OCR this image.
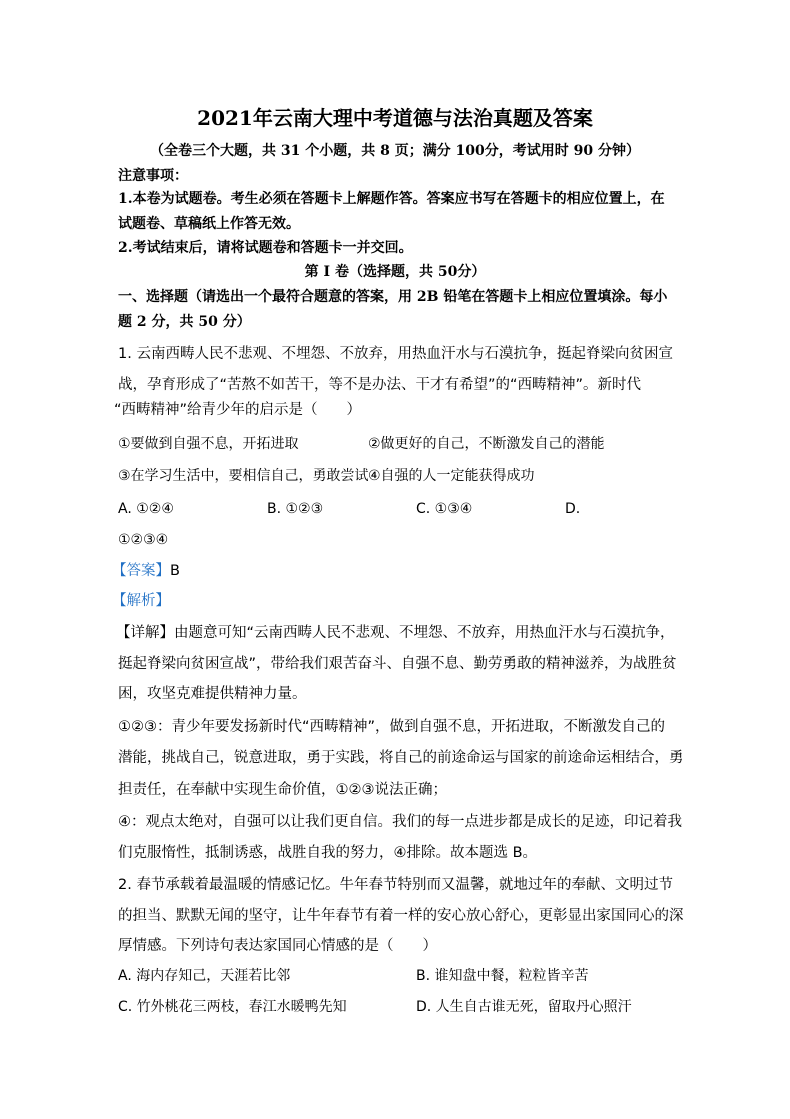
2021年云南大理中考道德与法治真题及答案
（全卷三个大题，共 31 个小题，共 8 页；满分 100分，考试用时 90 分钟）
注意事项：
1.本卷为试题卷。考生必须在答题卡上解题作答。答案应书写在答题卡的相应位置上，在
试题卷、草稿纸上作答无效。
2.考试结束后，请将试题卷和答题卡一并交回。
第 I 卷（选择题，共 50分）
一、选择题（请选出一个最符合题意的答案，用 2B 铅笔在答题卡上相应位置填涂。每小
题 2 分，共 50 分）
1. 云南西畴人民不悲观、不埋怨、不放弃，用热血汗水与石漠抗争，挺起脊梁向贫困宣
战，孕育形成了“苦熬不如苦干，等不是办法、干才有希望”的“西畴精神”。新时代
“西畴精神”给青少年的启示是（　　）
①要做到自强不息，开拓进取	②做更好的自己，不断激发自己的潜能
③在学习生活中，要相信自己，勇敢尝试 ④自强的人一定能获得成功
A. ①②④	B. ①②③	C. ①③④	D.
①②③④
【答案】B
【解析】
【详解】由题意可知“云南西畴人民不悲观、不埋怨、不放弃，用热血汗水与石漠抗争，
挺起脊梁向贫困宣战”，带给我们艰苦奋斗、自强不息、勤劳勇敢的精神滋养，为战胜贫
困，攻坚克难提供精神力量。
①②③：青少年要发扬新时代“西畴精神”，做到自强不息，开拓进取，不断激发自己的
潜能，挑战自己，锐意进取，勇于实践，将自己的前途命运与国家的前途命运相结合，勇
担责任，在奉献中实现生命价值，①②③说法正确；
④：观点太绝对，自强可以让我们更自信。我们的每一点进步都是成长的足迹，印记着我
们克服惰性，抵制诱惑，战胜自我的努力，④排除。故本题选 B。
2. 春节承载着最温暖的情感记忆。牛年春节特别而又温馨，就地过年的奉献、文明过节
的担当、默默无闻的坚守，让牛年春节有着一样的安心放心舒心，更彰显出家国同心的深
厚情感。下列诗句表达家国同心情感的是（　　）
A. 海内存知己，天涯若比邻	B. 谁知盘中餐，粒粒皆辛苦
C. 竹外桃花三两枝，春江水暖鸭先知	D. 人生自古谁无死，留取丹心照汗
